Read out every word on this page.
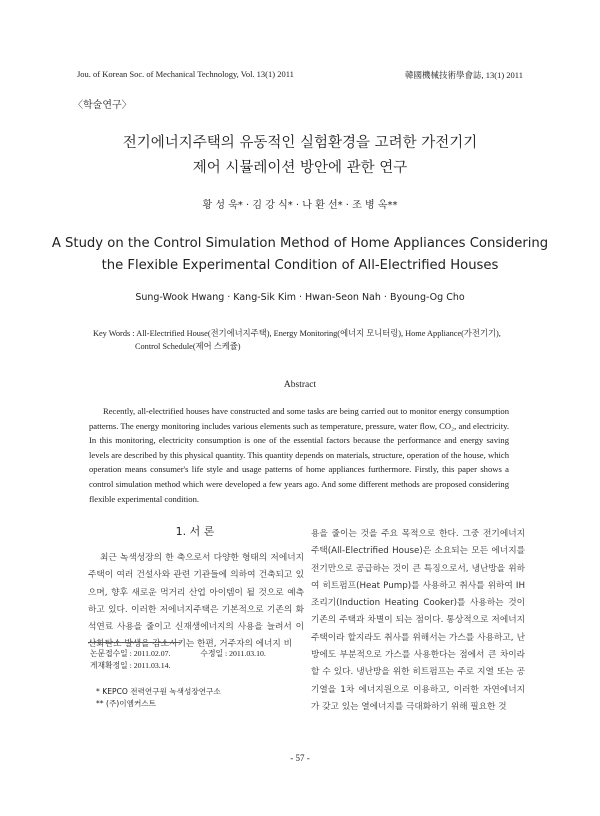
Jou. of Korean Soc. of Mechanical Technology, Vol. 13(1) 2011	韓國機械技術學會誌, 13(1) 2011
〈학술연구〉
전기에너지주택의 유동적인 실험환경을 고려한 가전기기
제어 시뮬레이션 방안에 관한 연구
황 성 욱* · 김 강 식* · 나 환 선* · 조 병 옥**
A Study on the Control Simulation Method of Home Appliances Considering
the Flexible Experimental Condition of All-Electrified Houses
Sung-Wook Hwang · Kang-Sik Kim · Hwan-Seon Nah · Byoung-Og Cho
Key Words : All-Electrified House(전기에너지주택), Energy Monitoring(에너지 모니터링), Home Appliance(가전기기),
Control Schedule(제어 스케쥴)
Abstract
Recently, all-electrified houses have constructed and some tasks are being carried out to monitor energy consumption patterns. The energy monitoring includes various elements such as temperature, pressure, water flow, CO₂, and electricity. In this monitoring, electricity consumption is one of the essential factors because the performance and energy saving levels are described by this physical quantity. This quantity depends on materials, structure, operation of the house, which operation means consumer's life style and usage patterns of home appliances furthermore. Firstly, this paper shows a control simulation method which were developed a few years ago. And some different methods are proposed considering flexible experimental condition.
1. 서 론
최근 녹색성장의 한 축으로서 다양한 형태의 저에너지주택이 여러 건설사와 관련 기관들에 의하여 건축되고 있으며, 향후 새로운 먹거리 산업 아이템이 될 것으로 예측하고 있다. 이러한 저에너지주택은 기본적으로 기존의 화석연료 사용을 줄이고 신재생에너지의 사용을 늘려서 이산화탄소 발생을 감소시키는 한편, 거주자의 에너지 비
용을 줄이는 것을 주요 목적으로 한다. 그중 전기에너지주택(All-Electrified House)은 소요되는 모든 에너지를 전기만으로 공급하는 것이 큰 특징으로서, 냉난방을 위하여 히트펌프(Heat Pump)를 사용하고 취사를 위하여 IH조리기(Induction Heating Cooker)를 사용하는 것이 기존의 주택과 차별이 되는 점이다. 통상적으로 저에너지주택이라 할지라도 취사를 위해서는 가스를 사용하고, 난방에도 부분적으로 가스를 사용한다는 점에서 큰 차이라 할 수 있다. 냉난방을 위한 히트펌프는 주로 지열 또는 공기열을 1차 에너지원으로 이용하고, 이러한 자연에너지가 갖고 있는 열에너지를 극대화하기 위해 필요한 것
논문접수일 : 2011.02.07.	수정일 : 2011.03.10.
게재확정일 : 2011.03.14.
* KEPCO 전력연구원 녹색성장연구소
** (주)이엠커스트
- 57 -
